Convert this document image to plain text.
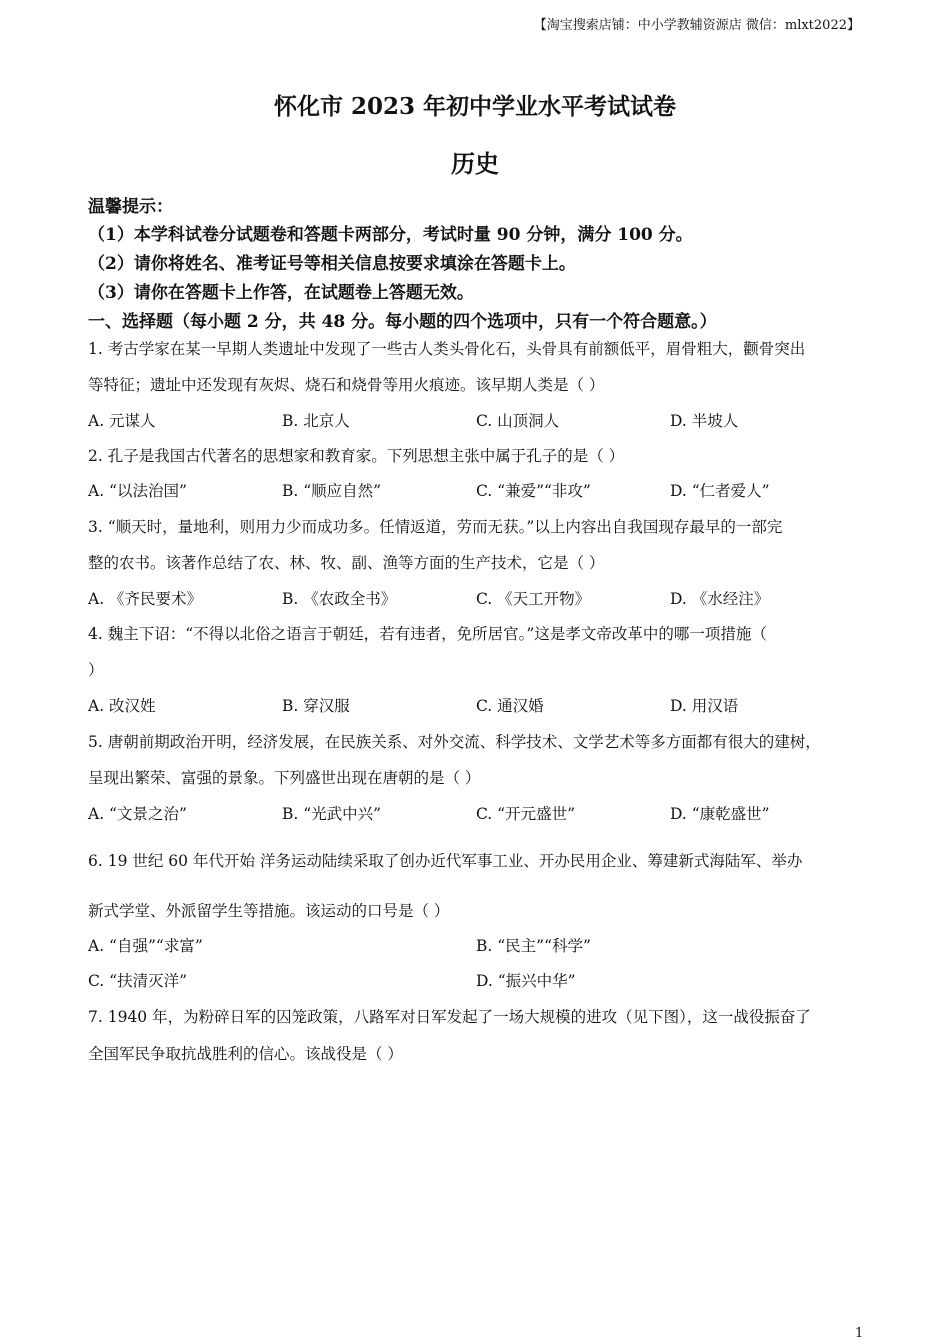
【淘宝搜索店铺：中小学教辅资源店 微信：mlxt2022】
怀化市 2023 年初中学业水平考试试卷
历史
温馨提示：
（1）本学科试卷分试题卷和答题卡两部分，考试时量 90 分钟，满分 100 分。
（2）请你将姓名、准考证号等相关信息按要求填涂在答题卡上。
（3）请你在答题卡上作答，在试题卷上答题无效。
一、选择题（每小题 2 分，共 48 分。每小题的四个选项中，只有一个符合题意。）
1. 考古学家在某一早期人类遗址中发现了一些古人类头骨化石，头骨具有前额低平，眉骨粗大，颧骨突出
等特征；遗址中还发现有灰烬、烧石和烧骨等用火痕迹。该早期人类是（ ）
A. 元谋人	B. 北京人	C. 山顶洞人	D. 半坡人
2. 孔子是我国古代著名的思想家和教育家。下列思想主张中属于孔子的是（ ）
A. “以法治国”	B. “顺应自然”	C. “兼爱”“非攻”	D. “仁者爱人”
3. “顺天时，量地利，则用力少而成功多。任情返道，劳而无获。”以上内容出自我国现存最早的一部完
整的农书。该著作总结了农、林、牧、副、渔等方面的生产技术，它是（ ）
A. 《齐民要术》	B. 《农政全书》	C. 《天工开物》	D. 《水经注》
4. 魏主下诏：“不得以北俗之语言于朝廷，若有违者，免所居官。”这是孝文帝改革中的哪一项措施（
）
A. 改汉姓	B. 穿汉服	C. 通汉婚	D. 用汉语
5. 唐朝前期政治开明，经济发展，在民族关系、对外交流、科学技术、文学艺术等多方面都有很大的建树，
呈现出繁荣、富强的景象。下列盛世出现在唐朝的是（ ）
A. “文景之治”	B. “光武中兴”	C. “开元盛世”	D. “康乾盛世”
6. 19 世纪 60 年代开始 洋务运动陆续采取了创办近代军事工业、开办民用企业、筹建新式海陆军、举办
新式学堂、外派留学生等措施。该运动的口号是（ ）
A. “自强”“求富”	B. “民主”“科学”
C. “扶清灭洋”	D. “振兴中华”
7. 1940 年，为粉碎日军的囚笼政策，八路军对日军发起了一场大规模的进攻（见下图），这一战役振奋了
全国军民争取抗战胜利的信心。该战役是（ ）
1
